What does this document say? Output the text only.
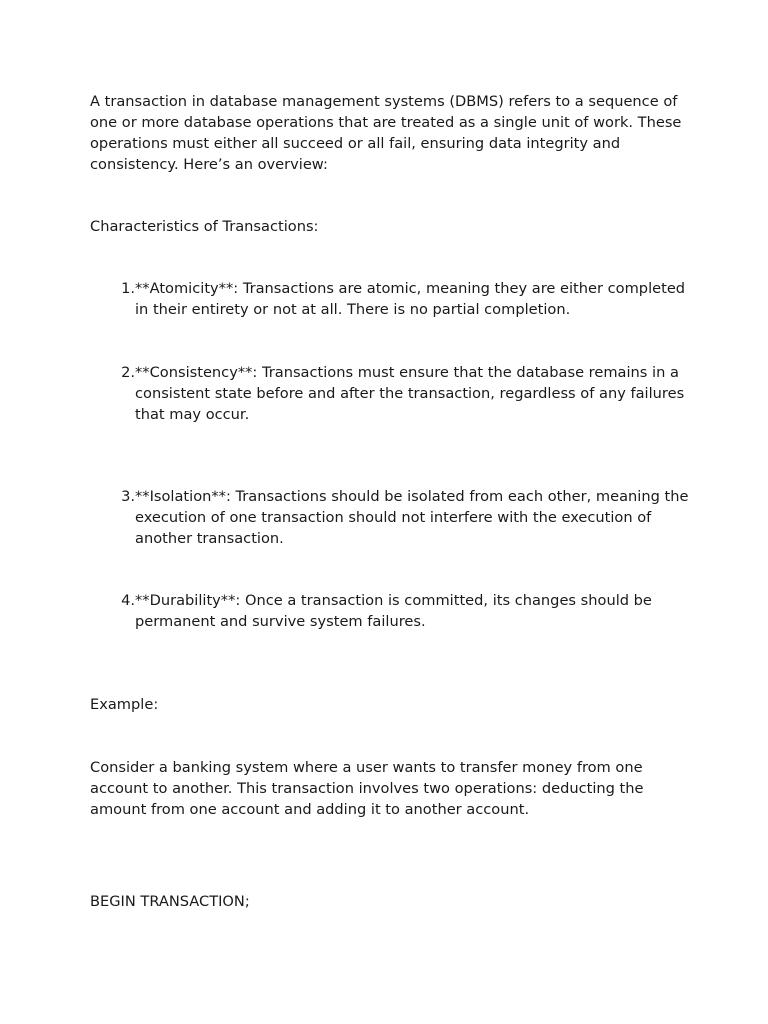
A transaction in database management systems (DBMS) refers to a sequence of one or more database operations that are treated as a single unit of work. These operations must either all succeed or all fail, ensuring data integrity and consistency. Here’s an overview:

Characteristics of Transactions:

1. **Atomicity**: Transactions are atomic, meaning they are either completed in their entirety or not at all. There is no partial completion.
2. **Consistency**: Transactions must ensure that the database remains in a consistent state before and after the transaction, regardless of any failures that may occur.
3. **Isolation**: Transactions should be isolated from each other, meaning the execution of one transaction should not interfere with the execution of another transaction.
4. **Durability**: Once a transaction is committed, its changes should be permanent and survive system failures.

Example:

Consider a banking system where a user wants to transfer money from one account to another. This transaction involves two operations: deducting the amount from one account and adding it to another account.

BEGIN TRANSACTION;
